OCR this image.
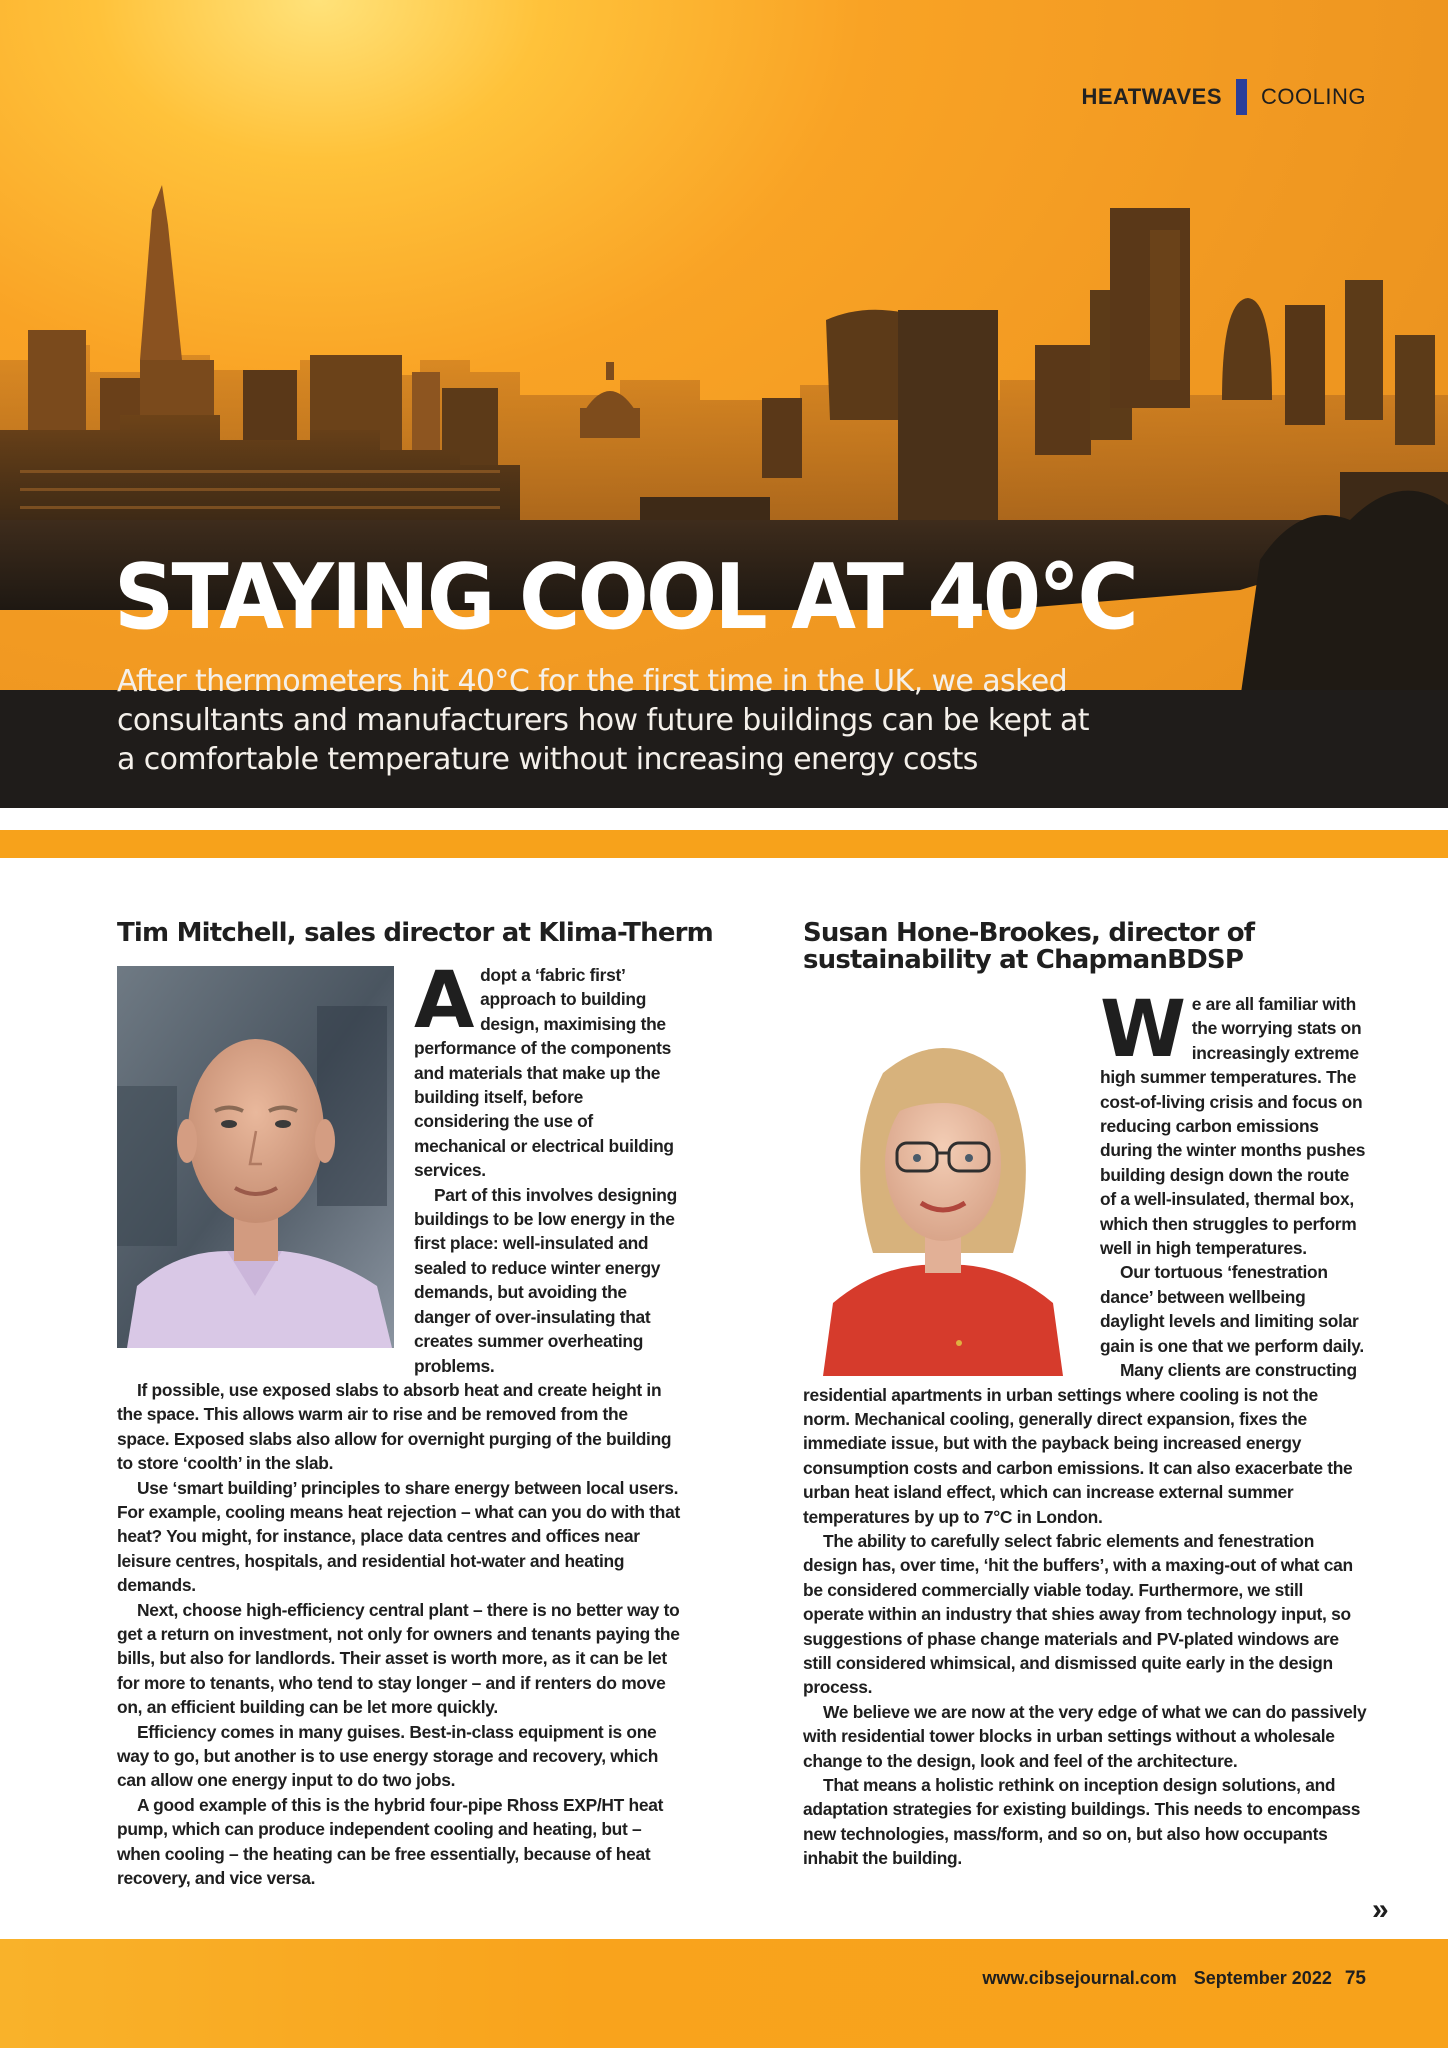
HEATWAVES COOLING
STAYING COOL AT 40°C

After thermometers hit 40°C for the first time in the UK, we asked consultants and manufacturers how future buildings can be kept at a comfortable temperature without increasing energy costs

Tim Mitchell, sales director at Klima-Therm

Adopt a ‘fabric first’ approach to building design, maximising the performance of the components and materials that make up the building itself, before considering the use of mechanical or electrical building services.

Part of this involves designing buildings to be low energy in the first place: well-insulated and sealed to reduce winter energy demands, but avoiding the danger of over-insulating that creates summer overheating problems.

If possible, use exposed slabs to absorb heat and create height in the space. This allows warm air to rise and be removed from the space. Exposed slabs also allow for overnight purging of the building to store ‘coolth’ in the slab.

Use ‘smart building’ principles to share energy between local users. For example, cooling means heat rejection – what can you do with that heat? You might, for instance, place data centres and offices near leisure centres, hospitals, and residential hot-water and heating demands.

Next, choose high-efficiency central plant – there is no better way to get a return on investment, not only for owners and tenants paying the bills, but also for landlords. Their asset is worth more, as it can be let for more to tenants, who tend to stay longer – and if renters do move on, an efficient building can be let more quickly.

Efficiency comes in many guises. Best-in-class equipment is one way to go, but another is to use energy storage and recovery, which can allow one energy input to do two jobs.

A good example of this is the hybrid four-pipe Rhoss EXP/HT heat pump, which can produce independent cooling and heating, but – when cooling – the heating can be free essentially, because of heat recovery, and vice versa.

Susan Hone-Brookes, director of sustainability at ChapmanBDSP

We are all familiar with the worrying stats on increasingly extreme high summer temperatures. The cost-of-living crisis and focus on reducing carbon emissions during the winter months pushes building design down the route of a well-insulated, thermal box, which then struggles to perform well in high temperatures.

Our tortuous ‘fenestration dance’ between wellbeing daylight levels and limiting solar gain is one that we perform daily.

Many clients are constructing residential apartments in urban settings where cooling is not the norm. Mechanical cooling, generally direct expansion, fixes the immediate issue, but with the payback being increased energy consumption costs and carbon emissions. It can also exacerbate the urban heat island effect, which can increase external summer temperatures by up to 7°C in London.

The ability to carefully select fabric elements and fenestration design has, over time, ‘hit the buffers’, with a maxing-out of what can be considered commercially viable today. Furthermore, we still operate within an industry that shies away from technology input, so suggestions of phase change materials and PV-plated windows are still considered whimsical, and dismissed quite early in the design process.

We believe we are now at the very edge of what we can do passively with residential tower blocks in urban settings without a wholesale change to the design, look and feel of the architecture.

That means a holistic rethink on inception design solutions, and adaptation strategies for existing buildings. This needs to encompass new technologies, mass/form, and so on, but also how occupants inhabit the building.

»
www.cibsejournal.com September 2022 75
